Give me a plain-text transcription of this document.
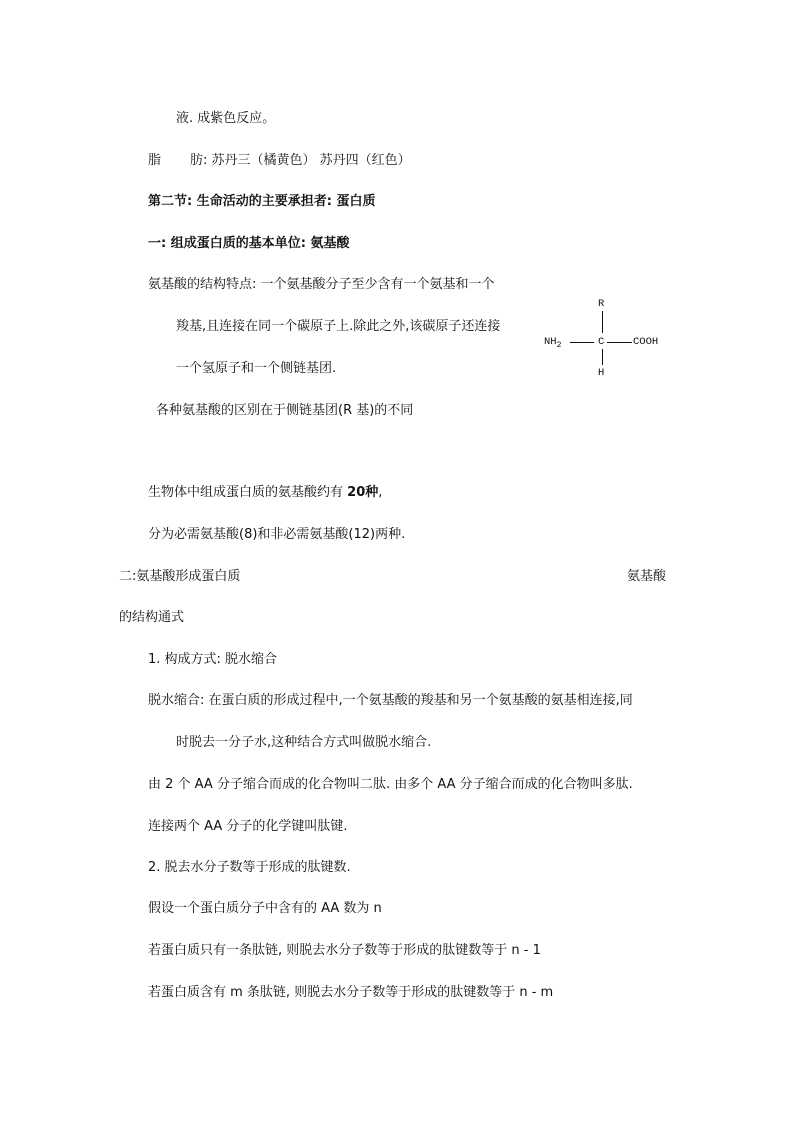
液. 成紫色反应。
脂 肪: 苏丹三（橘黄色） 苏丹四（红色）
第二节: 生命活动的主要承担者: 蛋白质
一: 组成蛋白质的基本单位: 氨基酸
氨基酸的结构特点: 一个氨基酸分子至少含有一个氨基和一个
羧基,且连接在同一个碳原子上.除此之外,该碳原子还连接
一个氢原子和一个侧链基团.
各种氨基酸的区别在于侧链基团(R 基)的不同
R
$NH_2$	C	COOH
H
生物体中组成蛋白质的氨基酸约有 20种,
分为必需氨基酸(8)和非必需氨基酸(12)两种.
二:氨基酸形成蛋白质	氨基酸
的结构通式
1. 构成方式: 脱水缩合
脱水缩合: 在蛋白质的形成过程中,一个氨基酸的羧基和另一个氨基酸的氨基相连接,同
时脱去一分子水,这种结合方式叫做脱水缩合.
由 2 个 AA 分子缩合而成的化合物叫二肽. 由多个 AA 分子缩合而成的化合物叫多肽.
连接两个 AA 分子的化学键叫肽键.
2. 脱去水分子数等于形成的肽键数.
假设一个蛋白质分子中含有的 AA 数为 n
若蛋白质只有一条肽链, 则脱去水分子数等于形成的肽键数等于 n - 1
若蛋白质含有 m 条肽链, 则脱去水分子数等于形成的肽键数等于 n - m
